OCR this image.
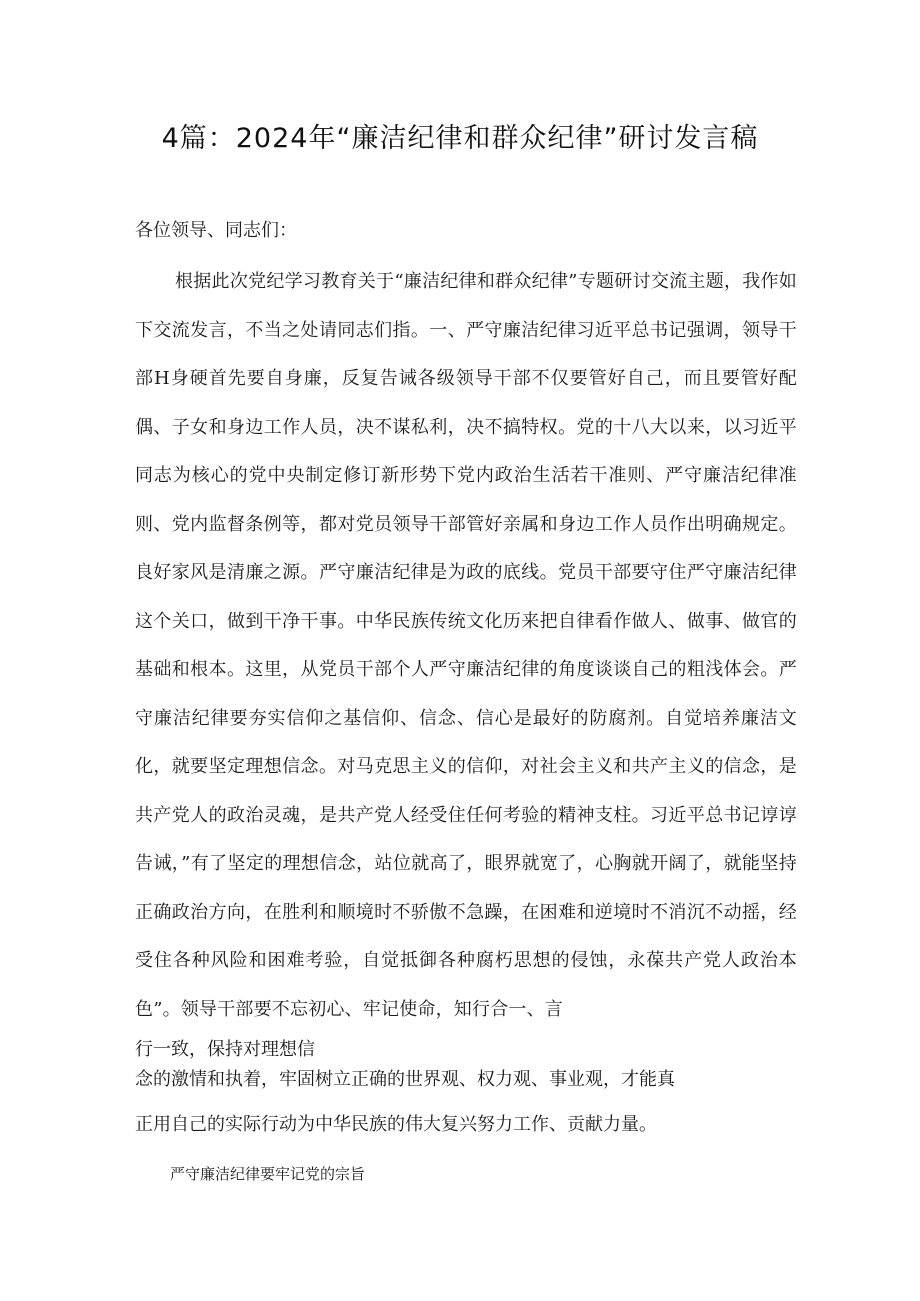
4篇：2024年“廉洁纪律和群众纪律”研讨发言稿
各位领导、同志们：

根据此次党纪学习教育关于“廉洁纪律和群众纪律”专题研讨交流主题，我作如下交流发言，不当之处请同志们指。一、严守廉洁纪律习近平总书记强调，领导干部H身硬首先要自身廉，反复告诫各级领导干部不仅要管好自己，而且要管好配偶、子女和身边工作人员，决不谋私利，决不搞特权。党的十八大以来，以习近平同志为核心的党中央制定修订新形势下党内政治生活若干准则、严守廉洁纪律准则、党内监督条例等，都对党员领导干部管好亲属和身边工作人员作出明确规定。良好家风是清廉之源。严守廉洁纪律是为政的底线。党员干部要守住严守廉洁纪律这个关口，做到干净干事。中华民族传统文化历来把自律看作做人、做事、做官的基础和根本。这里，从党员干部个人严守廉洁纪律的角度谈谈自己的粗浅体会。严守廉洁纪律要夯实信仰之基信仰、信念、信心是最好的防腐剂。自觉培养廉洁文化，就要坚定理想信念。对马克思主义的信仰，对社会主义和共产主义的信念，是共产党人的政治灵魂，是共产党人经受住任何考验的精神支柱。习近平总书记谆谆告诫，”有了坚定的理想信念，站位就高了，眼界就宽了，心胸就开阔了，就能坚持正确政治方向，在胜利和顺境时不骄傲不急躁，在困难和逆境时不消沉不动摇，经受住各种风险和困难考验，自觉抵御各种腐朽思想的侵蚀，永葆共产党人政治本色”。领导干部要不忘初心、牢记使命，知行合一、言

行一致，保持对理想信
念的激情和执着，牢固树立正确的世界观、权力观、事业观，才能真
正用自己的实际行动为中华民族的伟大复兴努力工作、贡献力量。
严守廉洁纪律要牢记党的宗旨
